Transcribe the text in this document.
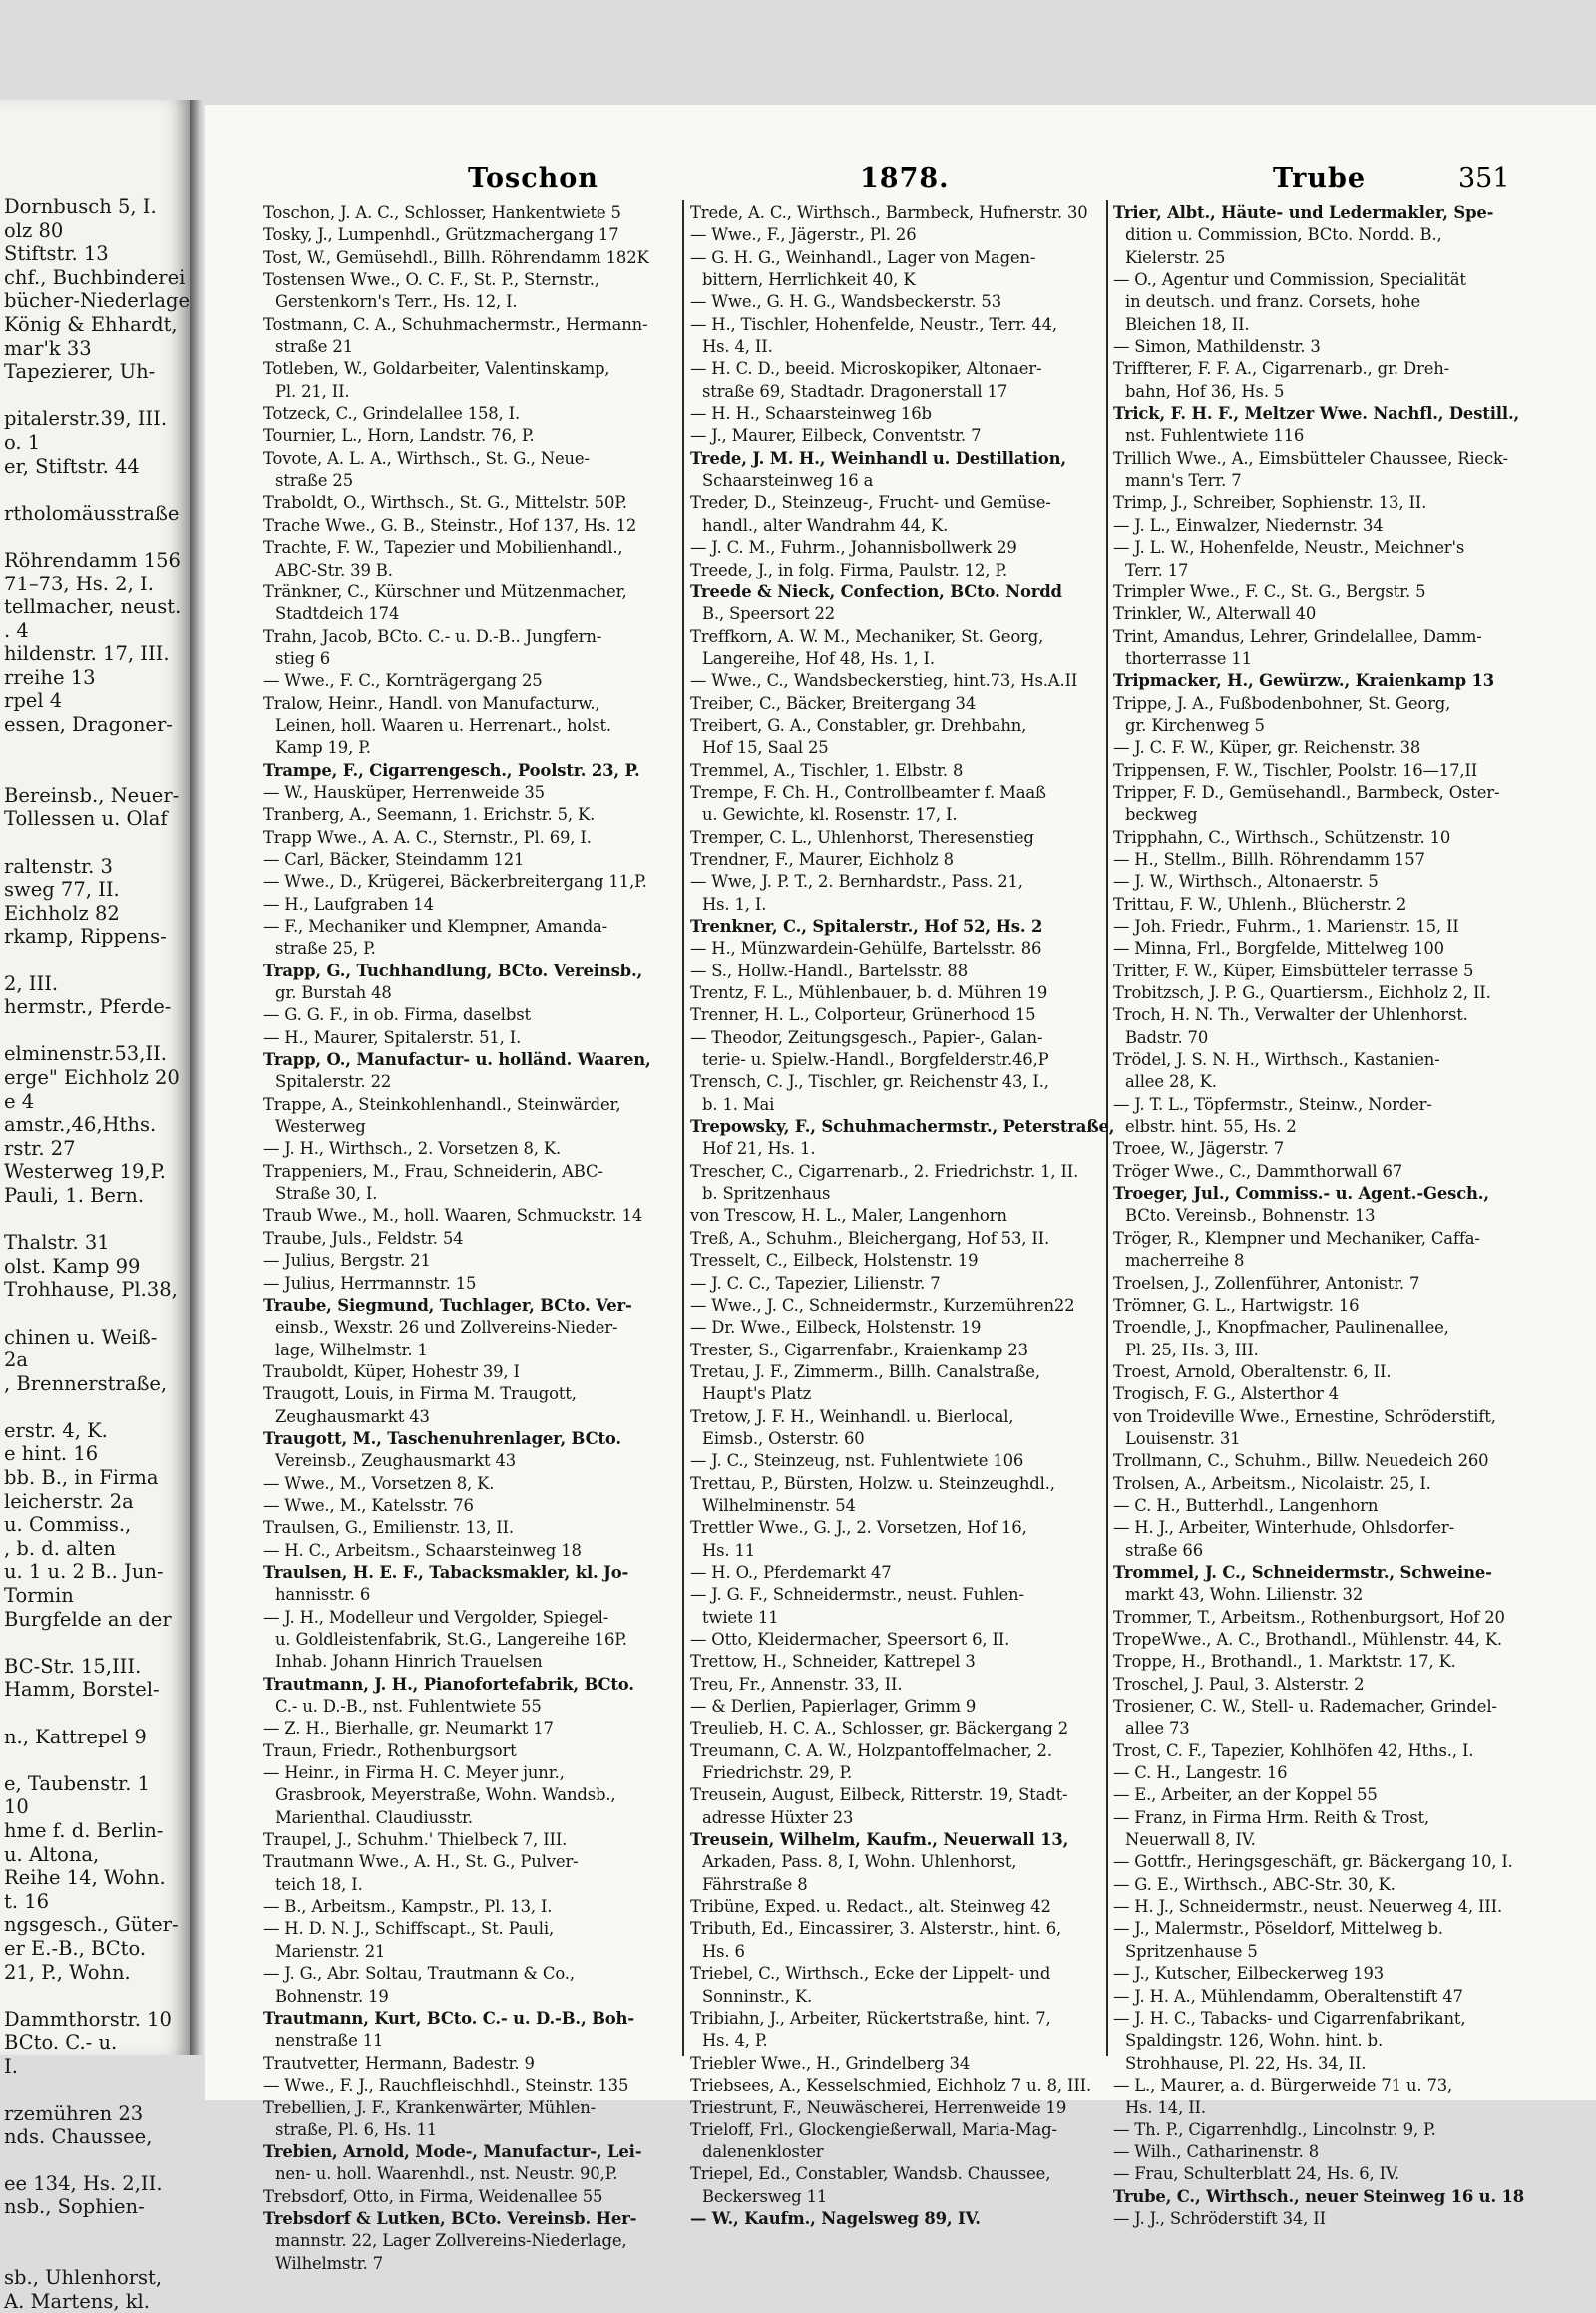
Dornbusch 5, I.
olz 80
Stiftstr. 13
chf., Buchbinderei
bücher-Niederlage
König & Ehhardt,
mar'k 33
Tapezierer, Uh-
pitalerstr.39, III.
o. 1
er, Stiftstr. 44
rtholomäusstraße
Röhrendamm 156
71–73, Hs. 2, I.
tellmacher, neust.
. 4
hildenstr. 17, III.
rreihe 13
rpel 4
essen, Dragoner-
Bereinsb., Neuer-
Tollessen u. Olaf
raltenstr. 3
sweg 77, II.
Eichholz 82
rkamp, Rippens-
2, III.
hermstr., Pferde-
elminenstr.53,II.
erge" Eichholz 20
e 4
amstr.,46,Hths.
rstr. 27
Westerweg 19,P.
Pauli, 1. Bern.
Thalstr. 31
olst. Kamp 99
Trohhause, Pl.38,
chinen u. Weiß-
2a
, Brennerstraße,
erstr. 4, K.
e hint. 16
bb. B., in Firma
leicherstr. 2a
u. Commiss.,
, b. d. alten
u. 1 u. 2 B.. Jun-
Tormin
Burgfelde an der
BC-Str. 15,III.
Hamm, Borstel-
n., Kattrepel 9
e, Taubenstr. 1
10
hme f. d. Berlin-
u. Altona,
Reihe 14, Wohn.
t. 16
ngsgesch., Güter-
er E.-B., BCto.
21, P., Wohn.
Dammthorstr. 10
BCto. C.- u.
I.
rzemühren 23
nds. Chaussee,
ee 134, Hs. 2,II.
nsb., Sophien-
sb., Uhlenhorst,
A. Martens, kl.
Toschon	1878.	Trube	351
Toschon, J. A. C., Schlosser, Hankentwiete 5
Tosky, J., Lumpenhdl., Grützmachergang 17
Tost, W., Gemüsehdl., Billh. Röhrendamm 182K
Tostensen Wwe., O. C. F., St. P., Sternstr.,
Gerstenkorn's Terr., Hs. 12, I.
Tostmann, C. A., Schuhmachermstr., Hermann-
straße 21
Totleben, W., Goldarbeiter, Valentinskamp,
Pl. 21, II.
Totzeck, C., Grindelallee 158, I.
Tournier, L., Horn, Landstr. 76, P.
Tovote, A. L. A., Wirthsch., St. G., Neue-
straße 25
Traboldt, O., Wirthsch., St. G., Mittelstr. 50P.
Trache Wwe., G. B., Steinstr., Hof 137, Hs. 12
Trachte, F. W., Tapezier und Mobilienhandl.,
ABC-Str. 39 B.
Tränkner, C., Kürschner und Mützenmacher,
Stadtdeich 174
Trahn, Jacob, BCto. C.- u. D.-B.. Jungfern-
stieg 6
— Wwe., F. C., Kornträgergang 25
Tralow, Heinr., Handl. von Manufacturw.,
Leinen, holl. Waaren u. Herrenart., holst.
Kamp 19, P.
Trampe, F., Cigarrengesch., Poolstr. 23, P.
— W., Hausküper, Herrenweide 35
Tranberg, A., Seemann, 1. Erichstr. 5, K.
Trapp Wwe., A. A. C., Sternstr., Pl. 69, I.
— Carl, Bäcker, Steindamm 121
— Wwe., D., Krügerei, Bäckerbreitergang 11,P.
— H., Laufgraben 14
— F., Mechaniker und Klempner, Amanda-
straße 25, P.
Trapp, G., Tuchhandlung, BCto. Vereinsb.,
gr. Burstah 48
— G. G. F., in ob. Firma, daselbst
— H., Maurer, Spitalerstr. 51, I.
Trapp, O., Manufactur- u. holländ. Waaren,
Spitalerstr. 22
Trappe, A., Steinkohlenhandl., Steinwärder,
Westerweg
— J. H., Wirthsch., 2. Vorsetzen 8, K.
Trappeniers, M., Frau, Schneiderin, ABC-
Straße 30, I.
Traub Wwe., M., holl. Waaren, Schmuckstr. 14
Traube, Juls., Feldstr. 54
— Julius, Bergstr. 21
— Julius, Herrmannstr. 15
Traube, Siegmund, Tuchlager, BCto. Ver-
einsb., Wexstr. 26 und Zollvereins-Nieder-
lage, Wilhelmstr. 1
Trauboldt, Küper, Hohestr 39, I
Traugott, Louis, in Firma M. Traugott,
Zeughausmarkt 43
Traugott, M., Taschenuhrenlager, BCto.
Vereinsb., Zeughausmarkt 43
— Wwe., M., Vorsetzen 8, K.
— Wwe., M., Katelsstr. 76
Traulsen, G., Emilienstr. 13, II.
— H. C., Arbeitsm., Schaarsteinweg 18
Traulsen, H. E. F., Tabacksmakler, kl. Jo-
hannisstr. 6
— J. H., Modelleur und Vergolder, Spiegel-
u. Goldleistenfabrik, St.G., Langereihe 16P.
Inhab. Johann Hinrich Trauelsen
Trautmann, J. H., Pianofortefabrik, BCto.
C.- u. D.-B., nst. Fuhlentwiete 55
— Z. H., Bierhalle, gr. Neumarkt 17
Traun, Friedr., Rothenburgsort
— Heinr., in Firma H. C. Meyer junr.,
Grasbrook, Meyerstraße, Wohn. Wandsb.,
Marienthal. Claudiusstr.
Traupel, J., Schuhm.' Thielbeck 7, III.
Trautmann Wwe., A. H., St. G., Pulver-
teich 18, I.
— B., Arbeitsm., Kampstr., Pl. 13, I.
— H. D. N. J., Schiffscapt., St. Pauli,
Marienstr. 21
— J. G., Abr. Soltau, Trautmann & Co.,
Bohnenstr. 19
Trautmann, Kurt, BCto. C.- u. D.-B., Boh-
nenstraße 11
Trautvetter, Hermann, Badestr. 9
— Wwe., F. J., Rauchfleischhdl., Steinstr. 135
Trebellien, J. F., Krankenwärter, Mühlen-
straße, Pl. 6, Hs. 11
Trebien, Arnold, Mode-, Manufactur-, Lei-
nen- u. holl. Waarenhdl., nst. Neustr. 90,P.
Trebsdorf, Otto, in Firma, Weidenallee 55
Trebsdorf & Lutken, BCto. Vereinsb. Her-
mannstr. 22, Lager Zollvereins-Niederlage,
Wilhelmstr. 7
Trede, A. C., Wirthsch., Barmbeck, Hufnerstr. 30
— Wwe., F., Jägerstr., Pl. 26
— G. H. G., Weinhandl., Lager von Magen-
bittern, Herrlichkeit 40, K
— Wwe., G. H. G., Wandsbeckerstr. 53
— H., Tischler, Hohenfelde, Neustr., Terr. 44,
Hs. 4, II.
— H. C. D., beeid. Microskopiker, Altonaer-
straße 69, Stadtadr. Dragonerstall 17
— H. H., Schaarsteinweg 16b
— J., Maurer, Eilbeck, Conventstr. 7
Trede, J. M. H., Weinhandl u. Destillation,
Schaarsteinweg 16 a
Treder, D., Steinzeug-, Frucht- und Gemüse-
handl., alter Wandrahm 44, K.
— J. C. M., Fuhrm., Johannisbollwerk 29
Treede, J., in folg. Firma, Paulstr. 12, P.
Treede & Nieck, Confection, BCto. Nordd
B., Speersort 22
Treffkorn, A. W. M., Mechaniker, St. Georg,
Langereihe, Hof 48, Hs. 1, I.
— Wwe., C., Wandsbeckerstieg, hint.73, Hs.A.II
Treiber, C., Bäcker, Breitergang 34
Treibert, G. A., Constabler, gr. Drehbahn,
Hof 15, Saal 25
Tremmel, A., Tischler, 1. Elbstr. 8
Trempe, F. Ch. H., Controllbeamter f. Maaß
u. Gewichte, kl. Rosenstr. 17, I.
Tremper, C. L., Uhlenhorst, Theresenstieg
Trendner, F., Maurer, Eichholz 8
— Wwe, J. P. T., 2. Bernhardstr., Pass. 21,
Hs. 1, I.
Trenkner, C., Spitalerstr., Hof 52, Hs. 2
— H., Münzwardein-Gehülfe, Bartelsstr. 86
— S., Hollw.-Handl., Bartelsstr. 88
Trentz, F. L., Mühlenbauer, b. d. Mühren 19
Trenner, H. L., Colporteur, Grünerhood 15
— Theodor, Zeitungsgesch., Papier-, Galan-
terie- u. Spielw.-Handl., Borgfelderstr.46,P
Trensch, C. J., Tischler, gr. Reichenstr 43, I.,
b. 1. Mai
Trepowsky, F., Schuhmachermstr., Peterstraße,
Hof 21, Hs. 1.
Trescher, C., Cigarrenarb., 2. Friedrichstr. 1, II.
b. Spritzenhaus
von Trescow, H. L., Maler, Langenhorn
Treß, A., Schuhm., Bleichergang, Hof 53, II.
Tresselt, C., Eilbeck, Holstenstr. 19
— J. C. C., Tapezier, Lilienstr. 7
— Wwe., J. C., Schneidermstr., Kurzemühren22
— Dr. Wwe., Eilbeck, Holstenstr. 19
Trester, S., Cigarrenfabr., Kraienkamp 23
Tretau, J. F., Zimmerm., Billh. Canalstraße,
Haupt's Platz
Tretow, J. F. H., Weinhandl. u. Bierlocal,
Eimsb., Osterstr. 60
— J. C., Steinzeug, nst. Fuhlentwiete 106
Trettau, P., Bürsten, Holzw. u. Steinzeughdl.,
Wilhelminenstr. 54
Trettler Wwe., G. J., 2. Vorsetzen, Hof 16,
Hs. 11
— H. O., Pferdemarkt 47
— J. G. F., Schneidermstr., neust. Fuhlen-
twiete 11
— Otto, Kleidermacher, Speersort 6, II.
Trettow, H., Schneider, Kattrepel 3
Treu, Fr., Annenstr. 33, II.
— & Derlien, Papierlager, Grimm 9
Treulieb, H. C. A., Schlosser, gr. Bäckergang 2
Treumann, C. A. W., Holzpantoffelmacher, 2.
Friedrichstr. 29, P.
Treusein, August, Eilbeck, Ritterstr. 19, Stadt-
adresse Hüxter 23
Treusein, Wilhelm, Kaufm., Neuerwall 13,
Arkaden, Pass. 8, I, Wohn. Uhlenhorst,
Fährstraße 8
Tribüne, Exped. u. Redact., alt. Steinweg 42
Tributh, Ed., Eincassirer, 3. Alsterstr., hint. 6,
Hs. 6
Triebel, C., Wirthsch., Ecke der Lippelt- und
Sonninstr., K.
Tribiahn, J., Arbeiter, Rückertstraße, hint. 7,
Hs. 4, P.
Triebler Wwe., H., Grindelberg 34
Triebsees, A., Kesselschmied, Eichholz 7 u. 8, III.
Triestrunt, F., Neuwäscherei, Herrenweide 19
Trieloff, Frl., Glockengießerwall, Maria-Mag-
dalenenkloster
Triepel, Ed., Constabler, Wandsb. Chaussee,
Beckersweg 11
— W., Kaufm., Nagelsweg 89, IV.
Trier, Albt., Häute- und Ledermakler, Spe-
dition u. Commission, BCto. Nordd. B.,
Kielerstr. 25
— O., Agentur und Commission, Specialität
in deutsch. und franz. Corsets, hohe
Bleichen 18, II.
— Simon, Mathildenstr. 3
Triffterer, F. F. A., Cigarrenarb., gr. Dreh-
bahn, Hof 36, Hs. 5
Trick, F. H. F., Meltzer Wwe. Nachfl., Destill.,
nst. Fuhlentwiete 116
Trillich Wwe., A., Eimsbütteler Chaussee, Rieck-
mann's Terr. 7
Trimp, J., Schreiber, Sophienstr. 13, II.
— J. L., Einwalzer, Niedernstr. 34
— J. L. W., Hohenfelde, Neustr., Meichner's
Terr. 17
Trimpler Wwe., F. C., St. G., Bergstr. 5
Trinkler, W., Alterwall 40
Trint, Amandus, Lehrer, Grindelallee, Damm-
thorterrasse 11
Tripmacker, H., Gewürzw., Kraienkamp 13
Trippe, J. A., Fußbodenbohner, St. Georg,
gr. Kirchenweg 5
— J. C. F. W., Küper, gr. Reichenstr. 38
Trippensen, F. W., Tischler, Poolstr. 16—17,II
Tripper, F. D., Gemüsehandl., Barmbeck, Oster-
beckweg
Tripphahn, C., Wirthsch., Schützenstr. 10
— H., Stellm., Billh. Röhrendamm 157
— J. W., Wirthsch., Altonaerstr. 5
Trittau, F. W., Uhlenh., Blücherstr. 2
— Joh. Friedr., Fuhrm., 1. Marienstr. 15, II
— Minna, Frl., Borgfelde, Mittelweg 100
Tritter, F. W., Küper, Eimsbütteler terrasse 5
Trobitzsch, J. P. G., Quartiersm., Eichholz 2, II.
Troch, H. N. Th., Verwalter der Uhlenhorst.
Badstr. 70
Trödel, J. S. N. H., Wirthsch., Kastanien-
allee 28, K.
— J. T. L., Töpfermstr., Steinw., Norder-
elbstr. hint. 55, Hs. 2
Troee, W., Jägerstr. 7
Tröger Wwe., C., Dammthorwall 67
Troeger, Jul., Commiss.- u. Agent.-Gesch.,
BCto. Vereinsb., Bohnenstr. 13
Tröger, R., Klempner und Mechaniker, Caffa-
macherreihe 8
Troelsen, J., Zollenführer, Antonistr. 7
Trömner, G. L., Hartwigstr. 16
Troendle, J., Knopfmacher, Paulinenallee,
Pl. 25, Hs. 3, III.
Troest, Arnold, Oberaltenstr. 6, II.
Trogisch, F. G., Alsterthor 4
von Troideville Wwe., Ernestine, Schröderstift,
Louisenstr. 31
Trollmann, C., Schuhm., Billw. Neuedeich 260
Trolsen, A., Arbeitsm., Nicolaistr. 25, I.
— C. H., Butterhdl., Langenhorn
— H. J., Arbeiter, Winterhude, Ohlsdorfer-
straße 66
Trommel, J. C., Schneidermstr., Schweine-
markt 43, Wohn. Lilienstr. 32
Trommer, T., Arbeitsm., Rothenburgsort, Hof 20
TropeWwe., A. C., Brothandl., Mühlenstr. 44, K.
Troppe, H., Brothandl., 1. Marktstr. 17, K.
Troschel, J. Paul, 3. Alsterstr. 2
Trosiener, C. W., Stell- u. Rademacher, Grindel-
allee 73
Trost, C. F., Tapezier, Kohlhöfen 42, Hths., I.
— C. H., Langestr. 16
— E., Arbeiter, an der Koppel 55
— Franz, in Firma Hrm. Reith & Trost,
Neuerwall 8, IV.
— Gottfr., Heringsgeschäft, gr. Bäckergang 10, I.
— G. E., Wirthsch., ABC-Str. 30, K.
— H. J., Schneidermstr., neust. Neuerweg 4, III.
— J., Malermstr., Pöseldorf, Mittelweg b.
Spritzenhause 5
— J., Kutscher, Eilbeckerweg 193
— J. H. A., Mühlendamm, Oberaltenstift 47
— J. H. C., Tabacks- und Cigarrenfabrikant,
Spaldingstr. 126, Wohn. hint. b.
Strohhause, Pl. 22, Hs. 34, II.
— L., Maurer, a. d. Bürgerweide 71 u. 73,
Hs. 14, II.
— Th. P., Cigarrenhdlg., Lincolnstr. 9, P.
— Wilh., Catharinenstr. 8
— Frau, Schulterblatt 24, Hs. 6, IV.
Trube, C., Wirthsch., neuer Steinweg 16 u. 18
— J. J., Schröderstift 34, II
